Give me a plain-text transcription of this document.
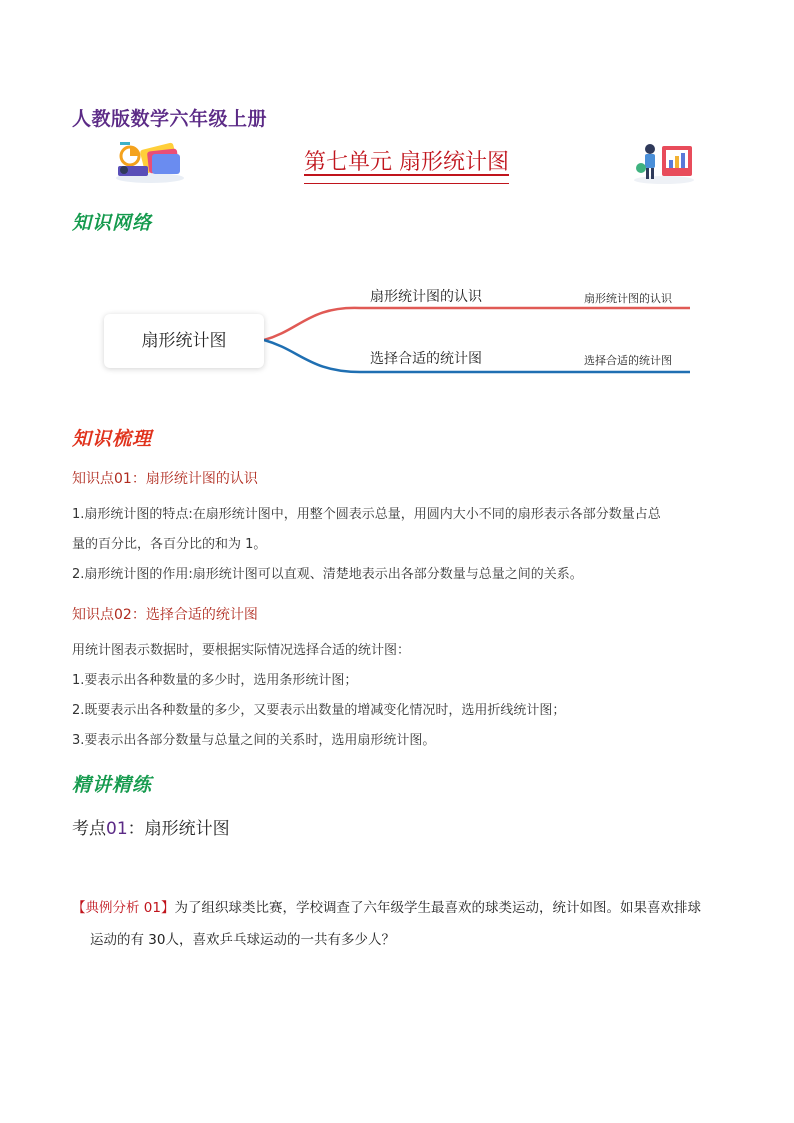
人教版数学六年级上册
第七单元 扇形统计图
知识网络
扇形统计图
扇形统计图的认识	扇形统计图的认识
选择合适的统计图	选择合适的统计图
知识梳理
知识点01：扇形统计图的认识
1.扇形统计图的特点:在扇形统计图中，用整个圆表示总量，用圆内大小不同的扇形表示各部分数量占总
量的百分比，各百分比的和为 1。
2.扇形统计图的作用:扇形统计图可以直观、清楚地表示出各部分数量与总量之间的关系。
知识点02：选择合适的统计图
用统计图表示数据时，要根据实际情况选择合适的统计图：
1.要表示出各种数量的多少时，选用条形统计图；
2.既要表示出各种数量的多少，又要表示出数量的增减变化情况时，选用折线统计图；
3.要表示出各部分数量与总量之间的关系时，选用扇形统计图。
精讲精练
考点01：扇形统计图
【典例分析 01】为了组织球类比赛，学校调查了六年级学生最喜欢的球类运动，统计如图。如果喜欢排球
运动的有 30人，喜欢乒乓球运动的一共有多少人？
